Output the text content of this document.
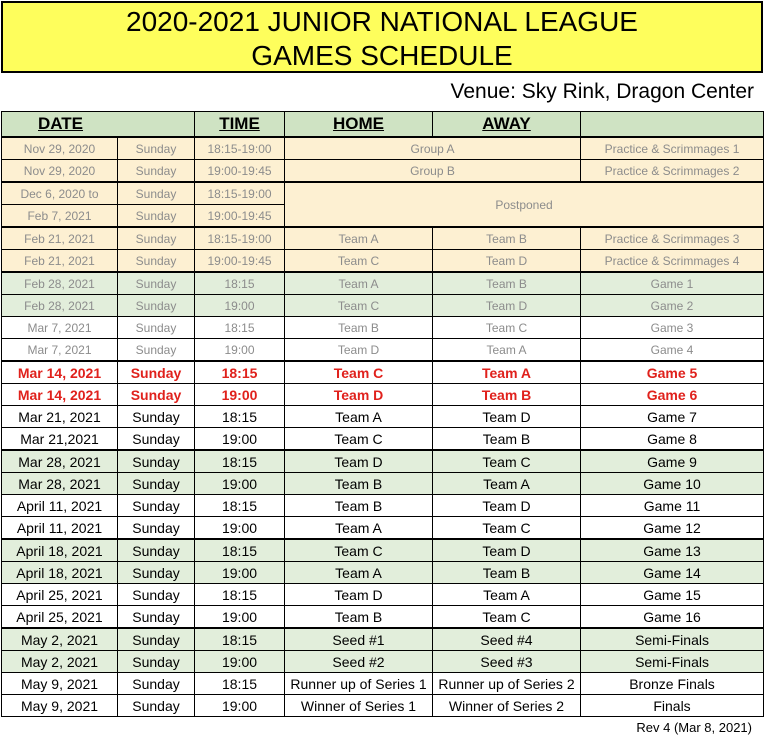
2020-2021 JUNIOR NATIONAL LEAGUE
GAMES SCHEDULE
Venue: Sky Rink, Dragon Center
DATE		TIME	HOME	AWAY	
Nov 29, 2020	Sunday	18:15-19:00	Group A		Practice & Scrimmages 1
Nov 29, 2020	Sunday	19:00-19:45	Group B		Practice & Scrimmages 2
Dec 6, 2020 to	Sunday	18:15-19:00	Postponed		
Feb 7, 2021	Sunday	19:00-19:45			
Feb 21, 2021	Sunday	18:15-19:00	Team A	Team B	Practice & Scrimmages 3
Feb 21, 2021	Sunday	19:00-19:45	Team C	Team D	Practice & Scrimmages 4
Feb 28, 2021	Sunday	18:15	Team A	Team B	Game 1
Feb 28, 2021	Sunday	19:00	Team C	Team D	Game 2
Mar 7, 2021	Sunday	18:15	Team B	Team C	Game 3
Mar 7, 2021	Sunday	19:00	Team D	Team A	Game 4
Mar 14, 2021	Sunday	18:15	Team C	Team A	Game 5
Mar 14, 2021	Sunday	19:00	Team D	Team B	Game 6
Mar 21, 2021	Sunday	18:15	Team A	Team D	Game 7
Mar 21,2021	Sunday	19:00	Team C	Team B	Game 8
Mar 28, 2021	Sunday	18:15	Team D	Team C	Game 9
Mar 28, 2021	Sunday	19:00	Team B	Team A	Game 10
April 11, 2021	Sunday	18:15	Team B	Team D	Game 11
April 11, 2021	Sunday	19:00	Team A	Team C	Game 12
April 18, 2021	Sunday	18:15	Team C	Team D	Game 13
April 18, 2021	Sunday	19:00	Team A	Team B	Game 14
April 25, 2021	Sunday	18:15	Team D	Team A	Game 15
April 25, 2021	Sunday	19:00	Team B	Team C	Game 16
May 2, 2021	Sunday	18:15	Seed #1	Seed #4	Semi-Finals
May 2, 2021	Sunday	19:00	Seed #2	Seed #3	Semi-Finals
May 9, 2021	Sunday	18:15	Runner up of Series 1	Runner up of Series 2	Bronze Finals
May 9, 2021	Sunday	19:00	Winner of Series 1	Winner of Series 2	Finals
Rev 4 (Mar 8, 2021)
